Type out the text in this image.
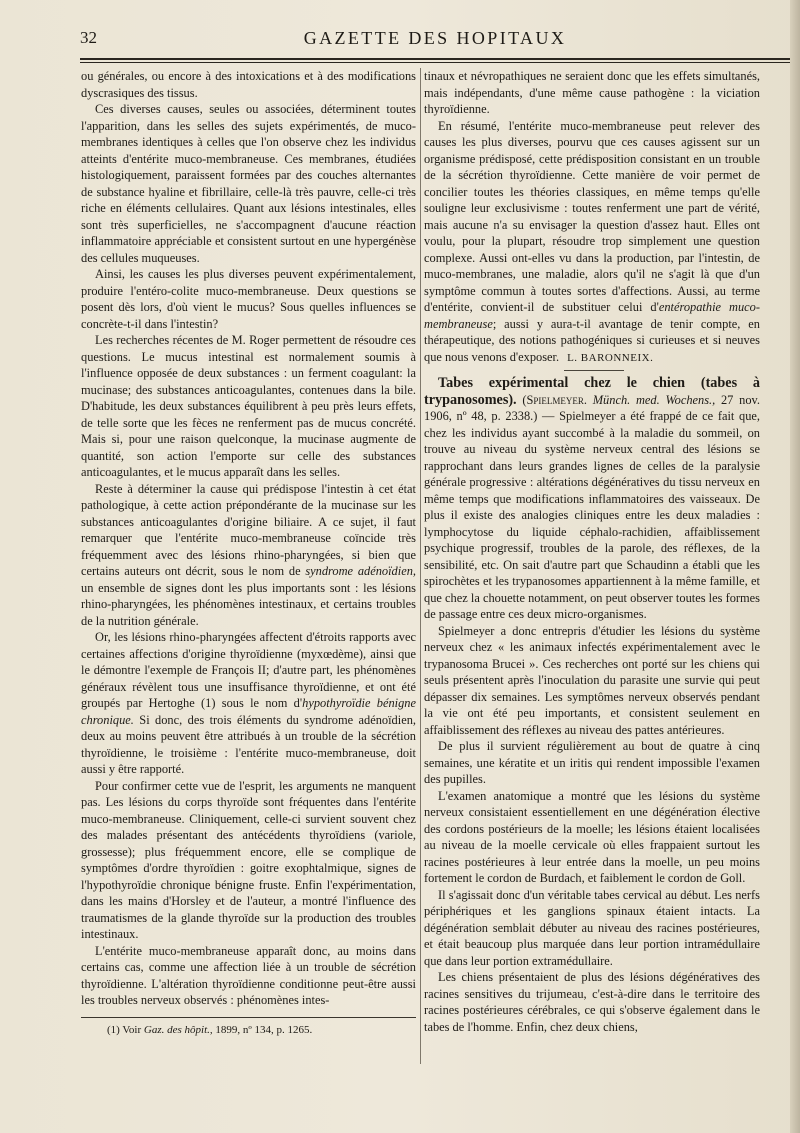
32	GAZETTE DES HOPITAUX

ou générales, ou encore à des intoxications et à des modifications dyscrasiques des tissus.

Ces diverses causes, seules ou associées, déterminent toutes l'apparition, dans les selles des sujets expérimentés, de muco-membranes identiques à celles que l'on observe chez les individus atteints d'entérite muco-membraneuse. Ces membranes, étudiées histologiquement, paraissent formées par des couches alternantes de substance hyaline et fibrillaire, celle-là très pauvre, celle-ci très riche en éléments cellulaires. Quant aux lésions intestinales, elles sont très superficielles, ne s'accompagnent d'aucune réaction inflammatoire appréciable et consistent surtout en une hypergénèse des cellules muqueuses.

Ainsi, les causes les plus diverses peuvent expérimentalement, produire l'entéro-colite muco-membraneuse. Deux questions se posent dès lors, d'où vient le mucus? Sous quelles influences se concrète-t-il dans l'intestin?

Les recherches récentes de M. Roger permettent de résoudre ces questions. Le mucus intestinal est normalement soumis à l'influence opposée de deux substances : un ferment coagulant: la mucinase; des substances anticoagulantes, contenues dans la bile. D'habitude, les deux substances équilibrent à peu près leurs effets, de telle sorte que les fèces ne renferment pas de mucus concrété. Mais si, pour une raison quelconque, la mucinase augmente de quantité, son action l'emporte sur celle des substances anticoagulantes, et le mucus apparaît dans les selles.

Reste à déterminer la cause qui prédispose l'intestin à cet état pathologique, à cette action prépondérante de la mucinase sur les substances anticoagulantes d'origine biliaire. A ce sujet, il faut remarquer que l'entérite muco-membraneuse coïncide très fréquemment avec des lésions rhino-pharyngées, si bien que certains auteurs ont décrit, sous le nom de syndrome adénoïdien, un ensemble de signes dont les plus importants sont : les lésions rhino-pharyngées, les phénomènes intestinaux, et certains troubles de la nutrition générale.

Or, les lésions rhino-pharyngées affectent d'étroits rapports avec certaines affections d'origine thyroïdienne (myxœdème), ainsi que le démontre l'exemple de François II; d'autre part, les phénomènes généraux révèlent tous une insuffisance thyroïdienne, et ont été groupés par Hertoghe (1) sous le nom d'hypothyroïdie bénigne chronique. Si donc, des trois éléments du syndrome adénoïdien, deux au moins peuvent être attribués à un trouble de la sécrétion thyroïdienne, le troisième : l'entérite muco-membraneuse, doit aussi y être rapporté.

Pour confirmer cette vue de l'esprit, les arguments ne manquent pas. Les lésions du corps thyroïde sont fréquentes dans l'entérite muco-membraneuse. Cliniquement, celle-ci survient souvent chez des malades présentant des antécédents thyroïdiens (variole, grossesse); plus fréquemment encore, elle se complique de symptômes d'ordre thyroïdien : goitre exophtalmique, signes de l'hypothyroïdie chronique bénigne fruste. Enfin l'expérimentation, dans les mains d'Horsley et de l'auteur, a montré l'influence des traumatismes de la glande thyroïde sur la production des troubles intestinaux.

L'entérite muco-membraneuse apparaît donc, au moins dans certains cas, comme une affection liée à un trouble de sécrétion thyroïdienne. L'altération thyroïdienne conditionne peut-être aussi les troubles nerveux observés : phénomènes intes-

(1) Voir Gaz. des hôpit., 1899, nº 134, p. 1265.

tinaux et névropathiques ne seraient donc que les effets simultanés, mais indépendants, d'une même cause pathogène : la viciation thyroïdienne.

En résumé, l'entérite muco-membraneuse peut relever des causes les plus diverses, pourvu que ces causes agissent sur un organisme prédisposé, cette prédisposition consistant en un trouble de la sécrétion thyroïdienne. Cette manière de voir permet de concilier toutes les théories classiques, en même temps qu'elle souligne leur exclusivisme : toutes renferment une part de vérité, mais aucune n'a su envisager la question d'assez haut. Elles ont voulu, pour la plupart, résoudre trop simplement une question complexe. Aussi ont-elles vu dans la production, par l'intestin, de muco-membranes, une maladie, alors qu'il ne s'agit là que d'un symptôme commun à toutes sortes d'affections. Aussi, au terme d'entérite, convient-il de substituer celui d'entéropathie muco-membraneuse; aussi y aura-t-il avantage de tenir compte, en thérapeutique, des notions pathogéniques si curieuses et si neuves que nous venons d'exposer. L. BARONNEIX.

Tabes expérimental chez le chien (tabes à trypanosomes). (Spielmeyer. Münch. med. Wochens., 27 nov. 1906, nº 48, p. 2338.) — Spielmeyer a été frappé de ce fait que, chez les individus ayant succombé à la maladie du sommeil, on trouve au niveau du système nerveux central des lésions se rapprochant dans leurs grandes lignes de celles de la paralysie générale progressive : altérations dégénératives du tissu nerveux en même temps que modifications inflammatoires des vaisseaux. De plus il existe des analogies cliniques entre les deux maladies : lymphocytose du liquide céphalo-rachidien, affaiblissement psychique progressif, troubles de la parole, des réflexes, de la sensibilité, etc. On sait d'autre part que Schaudinn a établi que les spirochètes et les trypanosomes appartiennent à la même famille, et que chez la chouette notamment, on peut observer toutes les formes de passage entre ces deux micro-organismes.

Spielmeyer a donc entrepris d'étudier les lésions du système nerveux chez « les animaux infectés expérimentalement avec le trypanosoma Brucei ». Ces recherches ont porté sur les chiens qui seuls présentent après l'inoculation du parasite une survie qui peut dépasser dix semaines. Les symptômes nerveux observés pendant la vie ont été peu importants, et consistent seulement en affaiblissement des réflexes au niveau des pattes antérieures.

De plus il survient régulièrement au bout de quatre à cinq semaines, une kératite et un iritis qui rendent impossible l'examen des pupilles.

L'examen anatomique a montré que les lésions du système nerveux consistaient essentiellement en une dégénération élective des cordons postérieurs de la moelle; les lésions étaient localisées au niveau de la moelle cervicale où elles frappaient surtout les racines postérieures à leur entrée dans la moelle, un peu moins fortement le cordon de Burdach, et faiblement le cordon de Goll.

Il s'agissait donc d'un véritable tabes cervical au début. Les nerfs périphériques et les ganglions spinaux étaient intacts. La dégénération semblait débuter au niveau des racines postérieures, et était beaucoup plus marquée dans leur portion intramédullaire que dans leur portion extramédullaire.

Les chiens présentaient de plus des lésions dégénératives des racines sensitives du trijumeau, c'est-à-dire dans le territoire des racines postérieures cérébrales, ce qui s'observe également dans le tabes de l'homme. Enfin, chez deux chiens,
